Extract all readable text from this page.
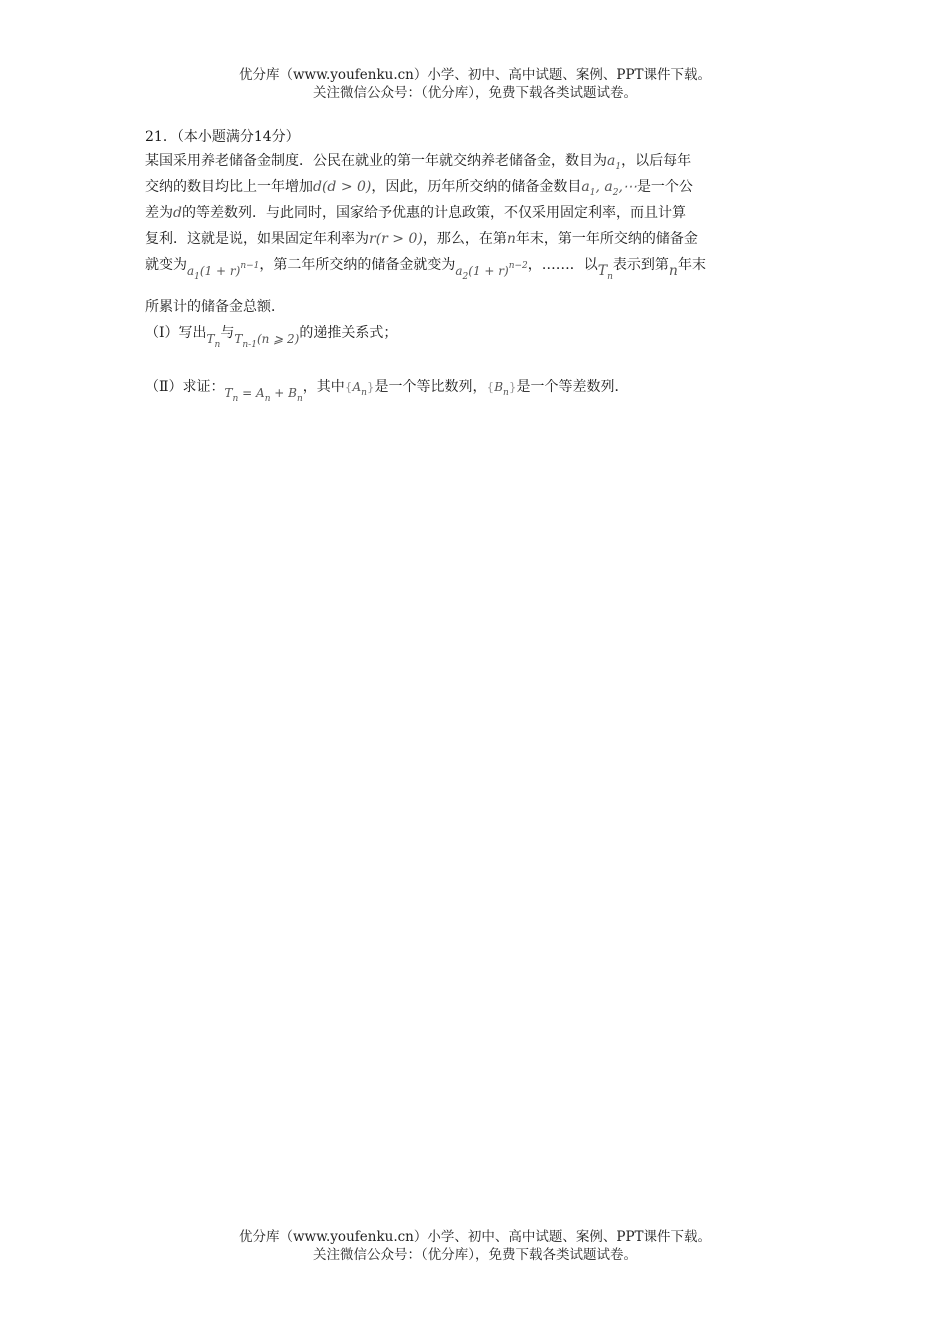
优分库（www.youfenku.cn）小学、初中、高中试题、案例、PPT课件下载。
关注微信公众号：（优分库），免费下载各类试题试卷。
21．（本小题满分14分）
某国采用养老储备金制度．公民在就业的第一年就交纳养老储备金，数目为$a_1$，以后每年
交纳的数目均比上一年增加d(d > 0)，因此，历年所交纳的储备金数目$a_1$, $a_2,\cdots$是一个公
差为d的等差数列．与此同时，国家给予优惠的计息政策，不仅采用固定利率，而且计算
复利．这就是说，如果固定年利率为r(r > 0)，那么，在第n年末，第一年所交纳的储备金
就变为$a_1(1 + r)^{n-1}$，第二年所交纳的储备金就变为$a_2(1 + r)^{n-2}$，……．以$T_n$表示到第n年末
所累计的储备金总额．
（Ⅰ）写出$T_n$与$T_{n-1}(n$ ⩾ 2)的递推关系式；
（Ⅱ）求证：$T_n = A_n + B_n$，其中$\{A_n\}$是一个等比数列，$\{B_n\}$是一个等差数列．
优分库（www.youfenku.cn）小学、初中、高中试题、案例、PPT课件下载。
关注微信公众号：（优分库），免费下载各类试题试卷。
